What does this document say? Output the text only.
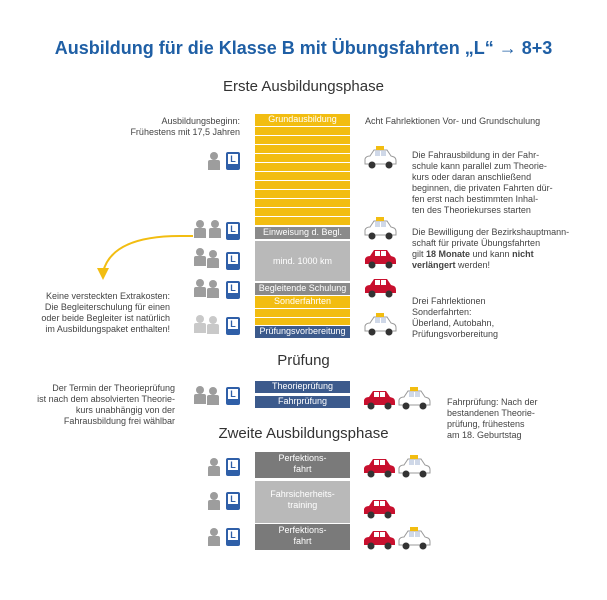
Ausbildung für die Klasse B mit Übungsfahrten „L“ → 8+3
Erste Ausbildungsphase
Prüfung
Zweite Ausbildungsphase
Ausbildungsbeginn:
Frühestens mit 17,5 Jahren
Acht Fahrlektionen Vor- und Grundschulung
Die Fahrausbildung in der Fahr-
schule kann parallel zum Theorie-
kurs oder daran anschließend
beginnen, die privaten Fahrten dür-
fen erst nach bestimmten Inhal-
ten des Theoriekurses starten
Die Bewilligung der Bezirkshauptmann-
schaft für private Übungsfahrten
gilt 18 Monate und kann nicht
verlängert werden!
Drei Fahrlektionen
Sonderfahrten:
Überland, Autobahn,
Prüfungsvorbereitung
Keine versteckten Extrakosten:
Die Begleiterschulung für einen
oder beide Begleiter ist natürlich
im Ausbildungspaket enthalten!
Grundausbildung
Einweisung d. Begl.
mind. 1000 km
Begleitende Schulung
Sonderfahrten
Prüfungsvorbereitung
Theorieprüfung
Fahrprüfung
Der Termin der Theorieprüfung
ist nach dem absolvierten Theorie-
kurs unabhängig von der
Fahrausbildung frei wählbar
Fahrprüfung: Nach der
bestandenen Theorie-
prüfung, frühestens
am 18. Geburtstag
Perfektions-
fahrt
Fahrsicherheits-
training
Perfektions-
fahrt
